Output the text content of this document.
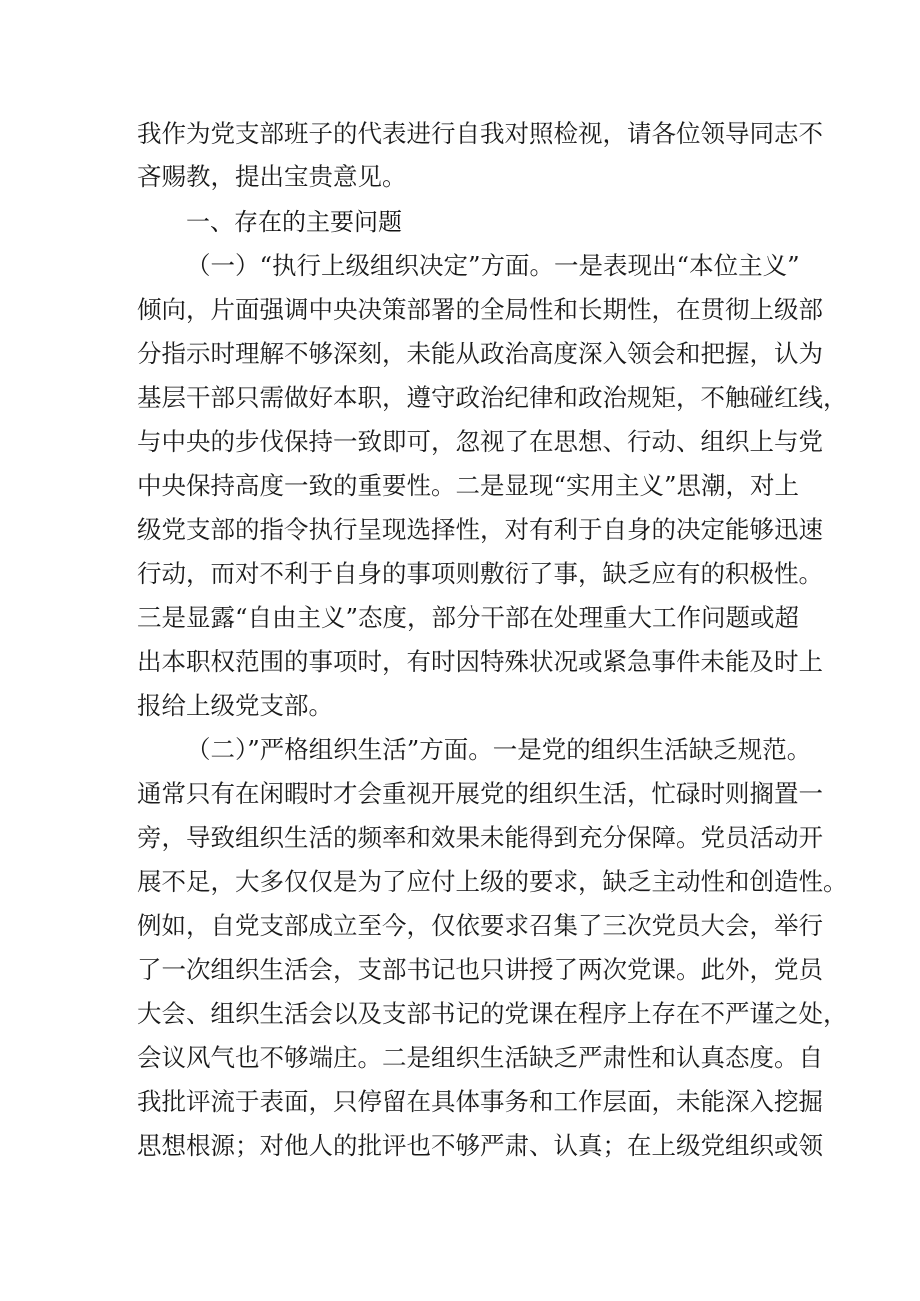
我作为党支部班子的代表进行自我对照检视，请各位领导同志不
吝赐教，提出宝贵意见。
一、存在的主要问题
（一）“执行上级组织决定”方面。一是表现出“本位主义”
倾向，片面强调中央决策部署的全局性和长期性，在贯彻上级部
分指示时理解不够深刻，未能从政治高度深入领会和把握，认为
基层干部只需做好本职，遵守政治纪律和政治规矩，不触碰红线，
与中央的步伐保持一致即可，忽视了在思想、行动、组织上与党
中央保持高度一致的重要性。二是显现“实用主义”思潮，对上
级党支部的指令执行呈现选择性，对有利于自身的决定能够迅速
行动，而对不利于自身的事项则敷衍了事，缺乏应有的积极性。
三是显露“自由主义”态度，部分干部在处理重大工作问题或超
出本职权范围的事项时，有时因特殊状况或紧急事件未能及时上
报给上级党支部。
（二）”严格组织生活”方面。一是党的组织生活缺乏规范。
通常只有在闲暇时才会重视开展党的组织生活，忙碌时则搁置一
旁，导致组织生活的频率和效果未能得到充分保障。党员活动开
展不足，大多仅仅是为了应付上级的要求，缺乏主动性和创造性。
例如，自党支部成立至今，仅依要求召集了三次党员大会，举行
了一次组织生活会，支部书记也只讲授了两次党课。此外，党员
大会、组织生活会以及支部书记的党课在程序上存在不严谨之处，
会议风气也不够端庄。二是组织生活缺乏严肃性和认真态度。自
我批评流于表面，只停留在具体事务和工作层面，未能深入挖掘
思想根源；对他人的批评也不够严肃、认真；在上级党组织或领
